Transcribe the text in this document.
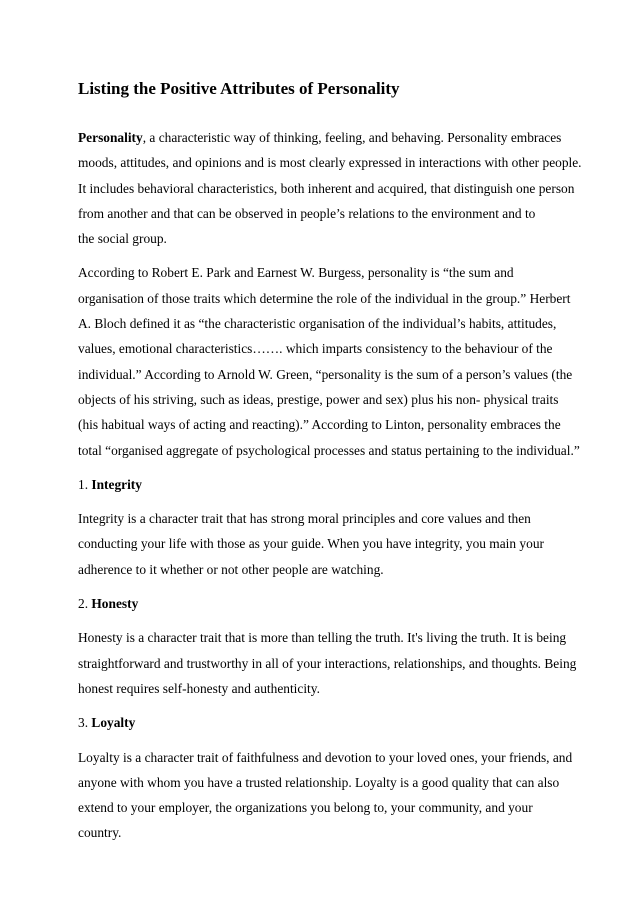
Listing the Positive Attributes of Personality
Personality, a characteristic way of thinking, feeling, and behaving. Personality embraces
moods, attitudes, and opinions and is most clearly expressed in interactions with other people.
It includes behavioral characteristics, both inherent and acquired, that distinguish one person
from another and that can be observed in people’s relations to the environment and to
the social group.
According to Robert E. Park and Earnest W. Burgess, personality is “the sum and
organisation of those traits which determine the role of the individual in the group.” Herbert
A. Bloch defined it as “the characteristic organisation of the individual’s habits, attitudes,
values, emotional characteristics……. which imparts consistency to the behaviour of the
individual.” According to Arnold W. Green, “personality is the sum of a person’s values (the
objects of his striving, such as ideas, prestige, power and sex) plus his non- physical traits
(his habitual ways of acting and reacting).” According to Linton, personality embraces the
total “organised aggregate of psychological processes and status pertaining to the individual.”
1. Integrity
Integrity is a character trait that has strong moral principles and core values and then
conducting your life with those as your guide. When you have integrity, you main your
adherence to it whether or not other people are watching.
2. Honesty
Honesty is a character trait that is more than telling the truth. It's living the truth. It is being
straightforward and trustworthy in all of your interactions, relationships, and thoughts. Being
honest requires self-honesty and authenticity.
3. Loyalty
Loyalty is a character trait of faithfulness and devotion to your loved ones, your friends, and
anyone with whom you have a trusted relationship. Loyalty is a good quality that can also
extend to your employer, the organizations you belong to, your community, and your
country.
